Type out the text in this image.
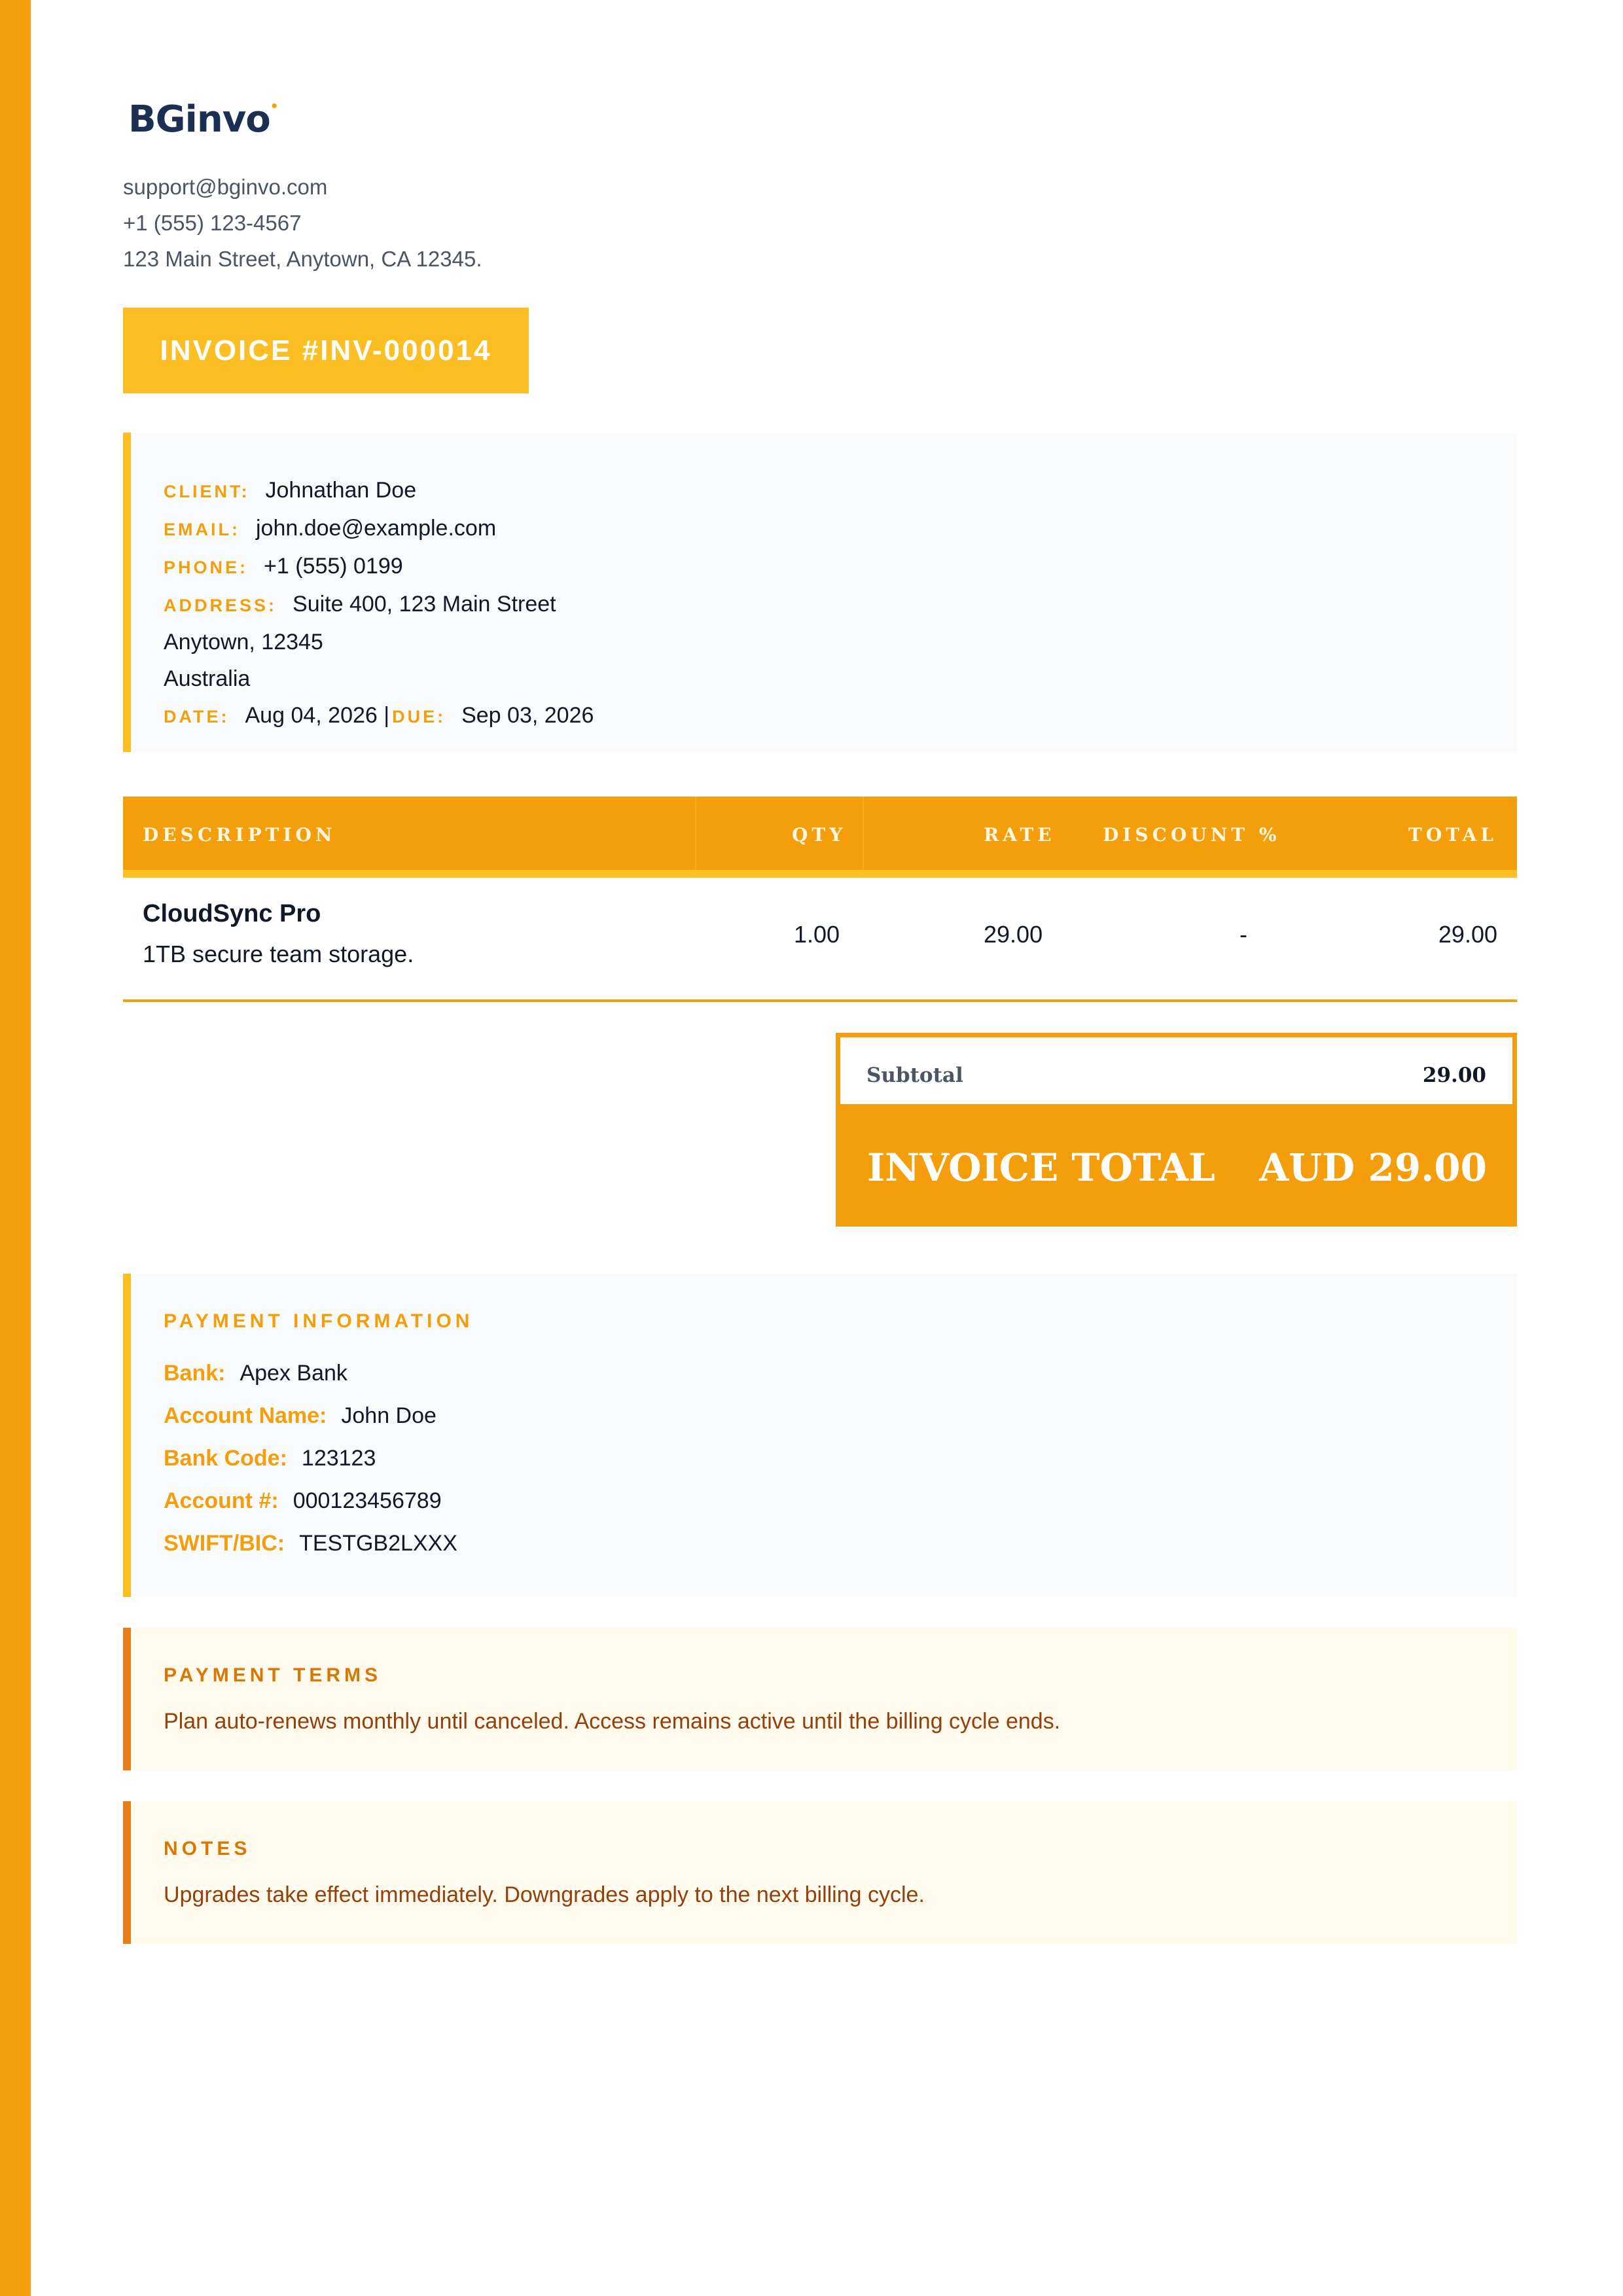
BGinvo•
support@bginvo.com
+1 (555) 123-4567
123 Main Street, Anytown, CA 12345.
INVOICE #INV-000014
CLIENT: Johnathan Doe
EMAIL: john.doe@example.com
PHONE: +1 (555) 0199
ADDRESS: Suite 400, 123 Main Street
Anytown, 12345
Australia
DATE: Aug 04, 2026 | DUE: Sep 03, 2026
DESCRIPTION	QTY	RATE	DISCOUNT %	TOTAL
CloudSync Pro
1TB secure team storage.
1.00	29.00	-	29.00
Subtotal	29.00
INVOICE TOTAL AUD 29.00
PAYMENT INFORMATION
Bank: Apex Bank
Account Name: John Doe
Bank Code: 123123
Account #: 000123456789
SWIFT/BIC: TESTGB2LXXX
PAYMENT TERMS
Plan auto-renews monthly until canceled. Access remains active until the billing cycle ends.
NOTES
Upgrades take effect immediately. Downgrades apply to the next billing cycle.
